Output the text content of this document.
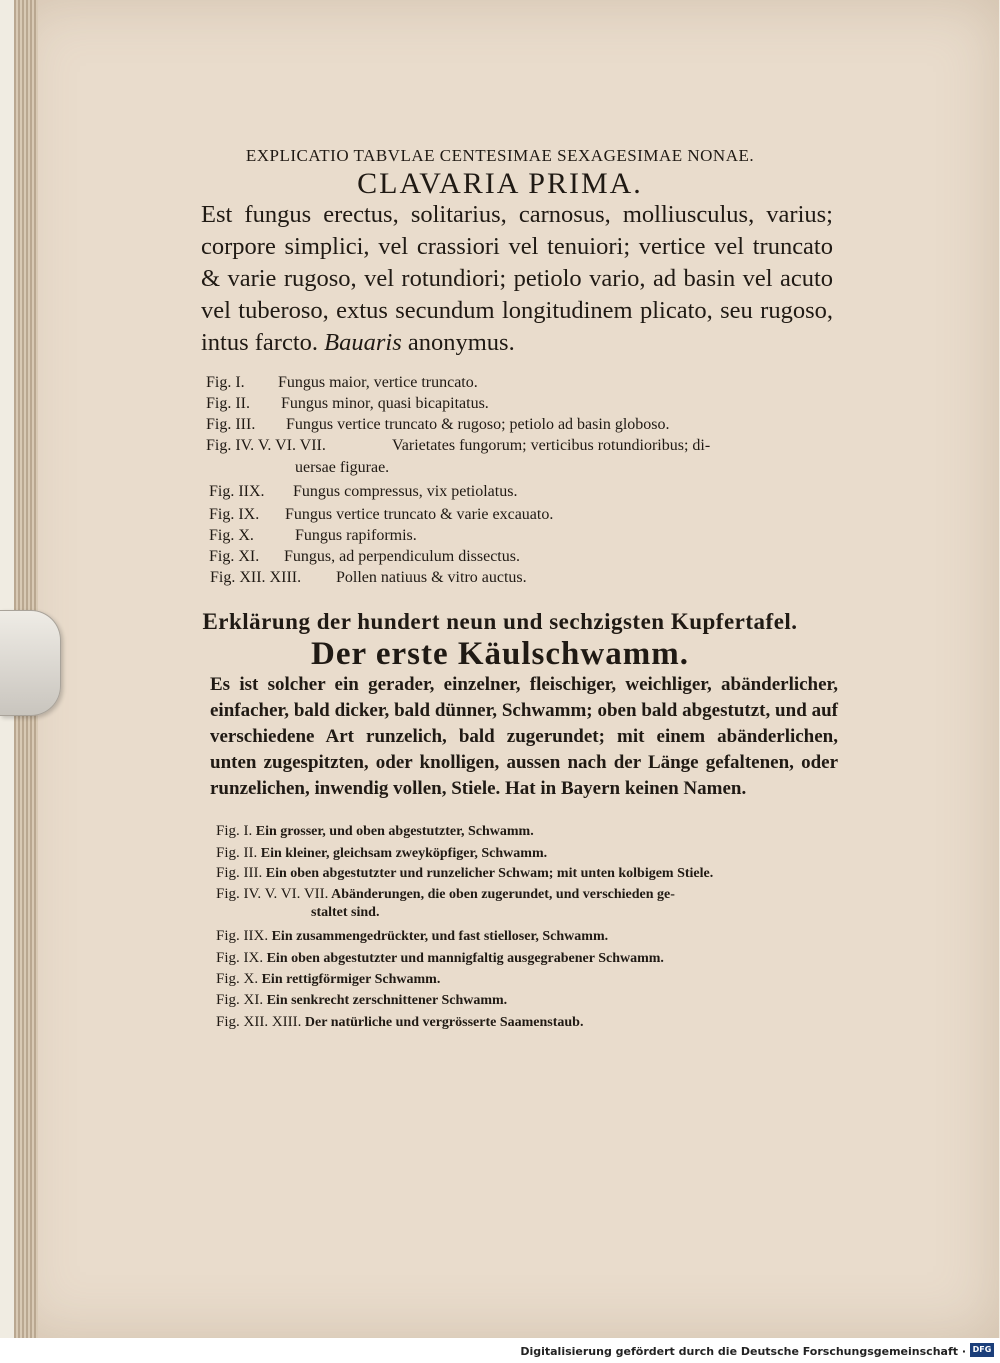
EXPLICATIO TABVLAE CENTESIMAE SEXAGESIMAE NONAE.
CLAVARIA PRIMA.
Est fungus erectus, solitarius, carnosus, molliusculus, varius; corpore simplici, vel crassiori vel tenuiori; vertice vel truncato & varie rugoso, vel rotundiori; petiolo vario, ad basin vel acuto vel tuberoso, extus secundum longitudinem plicato, seu rugoso, intus farcto. Bauaris anonymus.
Fig. I. Fungus maior, vertice truncato.
Fig. II. Fungus minor, quasi bicapitatus.
Fig. III. Fungus vertice truncato & rugoso; petiolo ad basin globoso.
Fig. IV. V. VI. VII.	Varietates fungorum; verticibus rotundioribus; di-
uersae figurae.
Fig. IIX. Fungus compressus, vix petiolatus.
Fig. IX. Fungus vertice truncato & varie excauato.
Fig. X.	Fungus rapiformis.
Fig. XI. Fungus, ad perpendiculum dissectus.
Fig. XII. XIII. Pollen natiuus & vitro auctus.
Erklärung der hundert neun und sechzigsten Kupfertafel.
Der erste Käulschwamm.
Es ist solcher ein gerader, einzelner, fleischiger, weichliger, abänderlicher, einfacher, bald dicker, bald dünner, Schwamm; oben bald abgestutzt, und auf verschiedene Art runzelich, bald zugerundet; mit einem abänderlichen, unten zugespitzten, oder knolligen, aussen nach der Länge gefaltenen, oder runzelichen, inwendig vollen, Stiele. Hat in Bayern keinen Namen.
Fig. I. Ein grosser, und oben abgestutzter, Schwamm.
Fig. II. Ein kleiner, gleichsam zweyköpfiger, Schwamm.
Fig. III. Ein oben abgestutzter und runzelicher Schwam; mit unten kolbigem Stiele.
Fig. IV. V. VI. VII. Abänderungen, die oben zugerundet, und verschieden ge-
staltet sind.
Fig. IIX. Ein zusammengedrückter, und fast stielloser, Schwamm.
Fig. IX. Ein oben abgestutzter und mannigfaltig ausgegrabener Schwamm.
Fig. X. Ein rettigförmiger Schwamm.
Fig. XI. Ein senkrecht zerschnittener Schwamm.
Fig. XII. XIII. Der natürliche und vergrösserte Saamenstaub.
Digitalisierung gefördert durch die Deutsche Forschungsgemeinschaft · DFG
